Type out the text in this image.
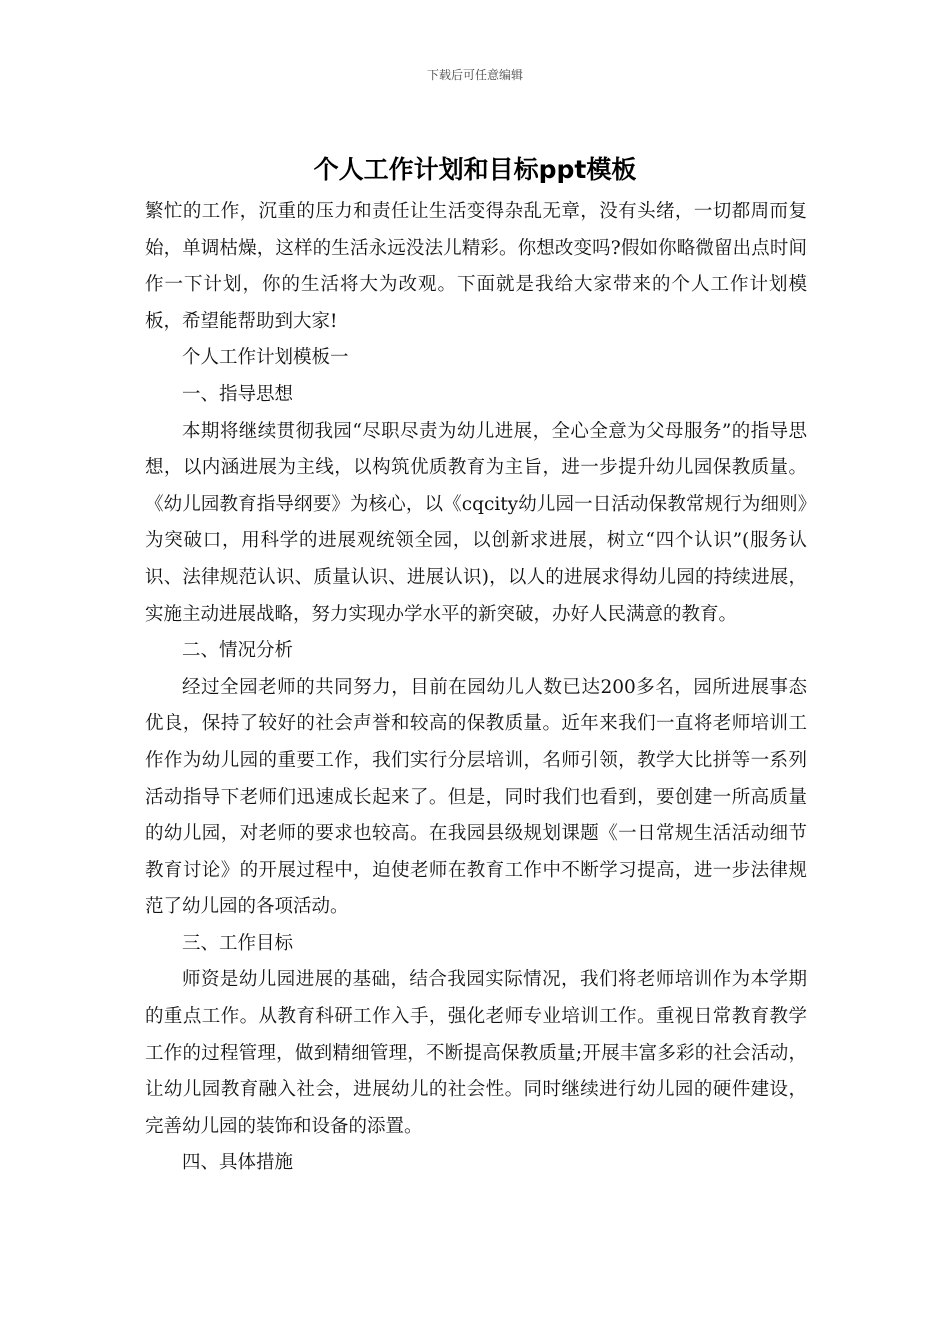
下载后可任意编辑
个人工作计划和目标ppt模板

繁忙的工作，沉重的压力和责任让生活变得杂乱无章，没有头绪，一切都周而复始，单调枯燥，这样的生活永远没法儿精彩。你想改变吗?假如你略微留出点时间作一下计划，你的生活将大为改观。下面就是我给大家带来的个人工作计划模板，希望能帮助到大家!

个人工作计划模板一

一、指导思想

本期将继续贯彻我园“尽职尽责为幼儿进展，全心全意为父母服务”的指导思想，以内涵进展为主线，以构筑优质教育为主旨，进一步提升幼儿园保教质量。《幼儿园教育指导纲要》为核心，以《cqcity幼儿园一日活动保教常规行为细则》为突破口，用科学的进展观统领全园，以创新求进展，树立“四个认识”(服务认识、法律规范认识、质量认识、进展认识)，以人的进展求得幼儿园的持续进展，实施主动进展战略，努力实现办学水平的新突破，办好人民满意的教育。

二、情况分析

经过全园老师的共同努力，目前在园幼儿人数已达200多名，园所进展事态优良，保持了较好的社会声誉和较高的保教质量。近年来我们一直将老师培训工作作为幼儿园的重要工作，我们实行分层培训，名师引领，教学大比拼等一系列活动指导下老师们迅速成长起来了。但是，同时我们也看到，要创建一所高质量的幼儿园，对老师的要求也较高。在我园县级规划课题《一日常规生活活动细节教育讨论》的开展过程中，迫使老师在教育工作中不断学习提高，进一步法律规范了幼儿园的各项活动。

三、工作目标

师资是幼儿园进展的基础，结合我园实际情况，我们将老师培训作为本学期的重点工作。从教育科研工作入手，强化老师专业培训工作。重视日常教育教学工作的过程管理，做到精细管理，不断提高保教质量;开展丰富多彩的社会活动，让幼儿园教育融入社会，进展幼儿的社会性。同时继续进行幼儿园的硬件建设，完善幼儿园的装饰和设备的添置。

四、具体措施
